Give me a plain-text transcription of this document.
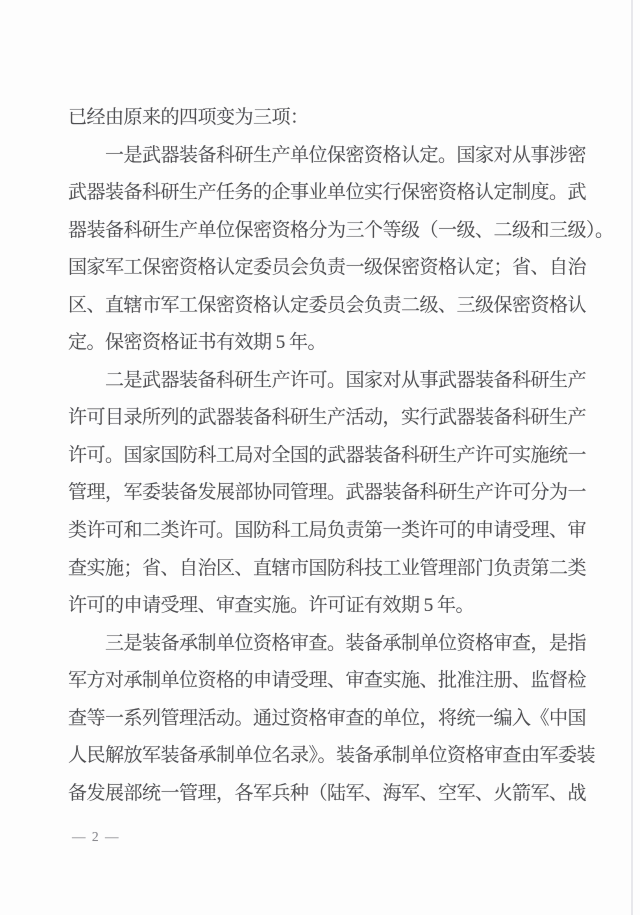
已经由原来的四项变为三项：
一是武器装备科研生产单位保密资格认定。国家对从事涉密
武器装备科研生产任务的企事业单位实行保密资格认定制度。武
器装备科研生产单位保密资格分为三个等级（一级、二级和三级）。
国家军工保密资格认定委员会负责一级保密资格认定；省、自治
区、直辖市军工保密资格认定委员会负责二级、三级保密资格认
定。保密资格证书有效期 5 年。
二是武器装备科研生产许可。国家对从事武器装备科研生产
许可目录所列的武器装备科研生产活动，实行武器装备科研生产
许可。国家国防科工局对全国的武器装备科研生产许可实施统一
管理，军委装备发展部协同管理。武器装备科研生产许可分为一
类许可和二类许可。国防科工局负责第一类许可的申请受理、审
查实施；省、自治区、直辖市国防科技工业管理部门负责第二类
许可的申请受理、审查实施。许可证有效期 5 年。
三是装备承制单位资格审查。装备承制单位资格审查，是指
军方对承制单位资格的申请受理、审查实施、批准注册、监督检
查等一系列管理活动。通过资格审查的单位，将统一编入《中国
人民解放军装备承制单位名录》。装备承制单位资格审查由军委装
备发展部统一管理，各军兵种（陆军、海军、空军、火箭军、战
— 2 —
